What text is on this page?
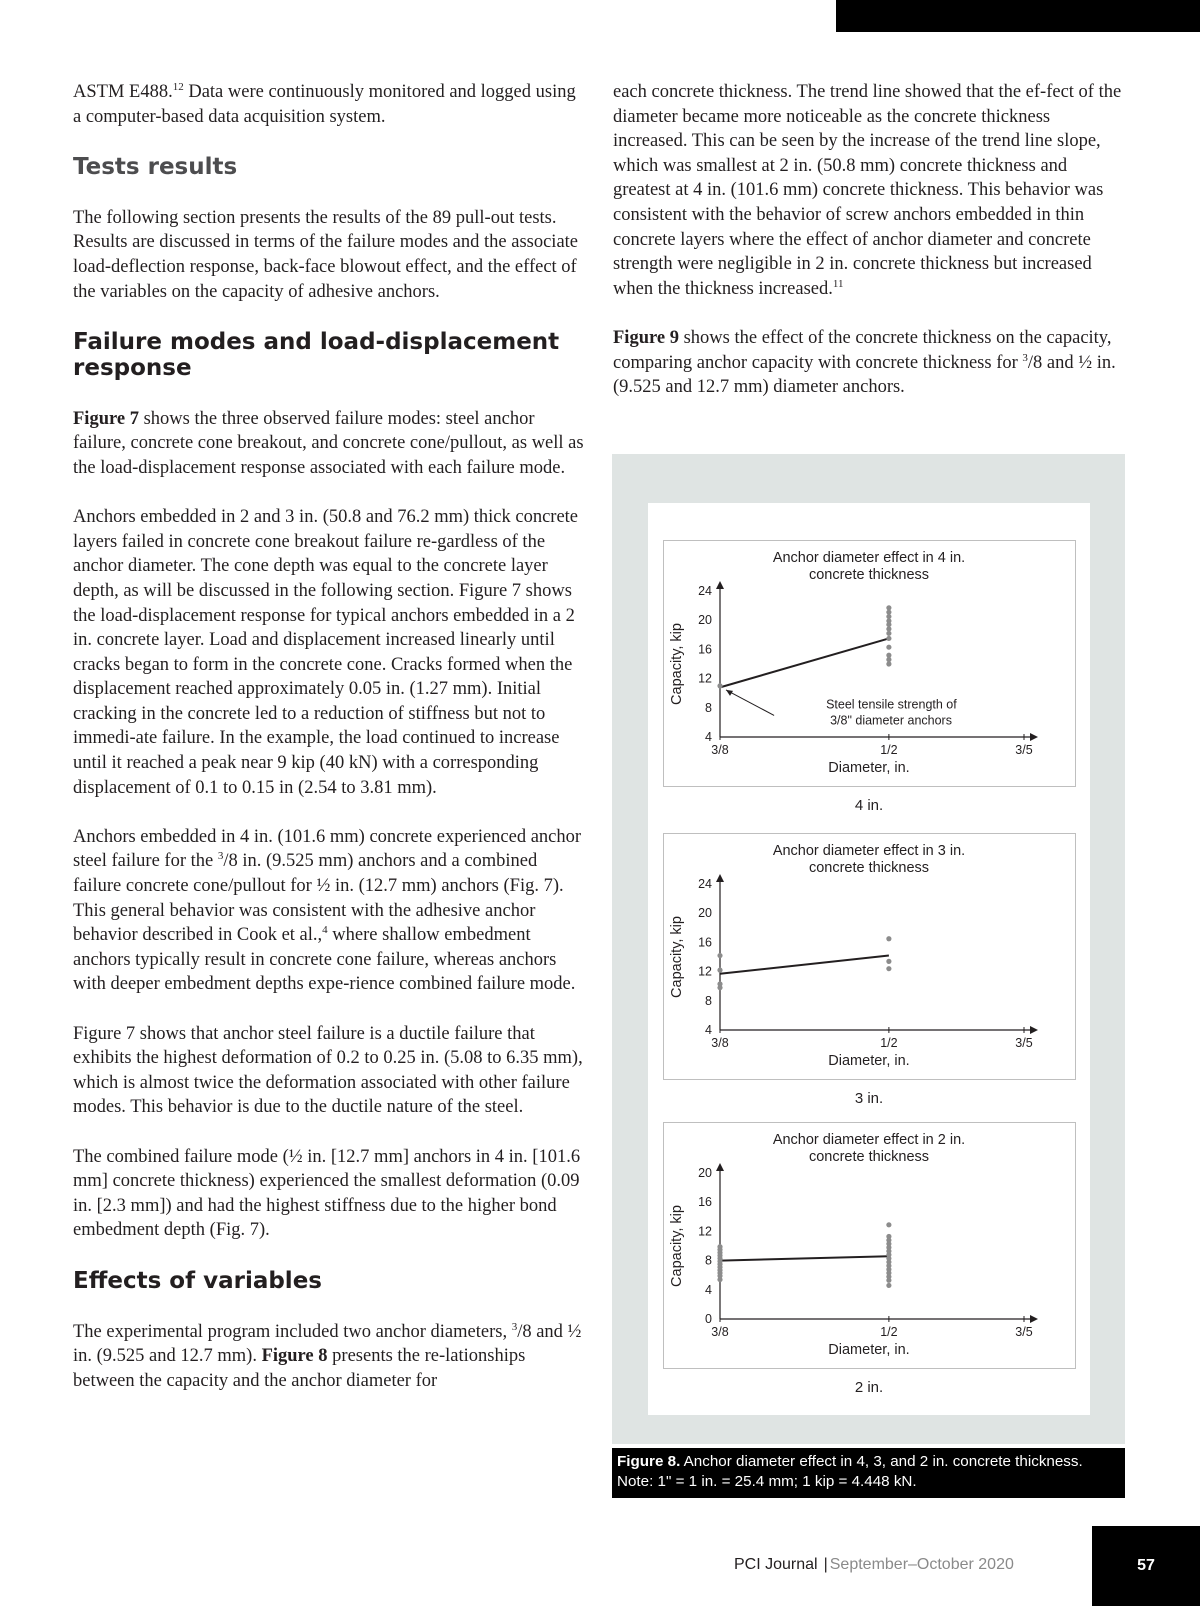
ASTM E488.12 Data were continuously monitored and logged using a computer-based data acquisition system.

Tests results

The following section presents the results of the 89 pull-out tests. Results are discussed in terms of the failure modes and the associate load-deflection response, back-face blowout effect, and the effect of the variables on the capacity of adhesive anchors.

Failure modes and load-displacement response

Figure 7 shows the three observed failure modes: steel anchor failure, concrete cone breakout, and concrete cone/pullout, as well as the load-displacement response associated with each failure mode.

Anchors embedded in 2 and 3 in. (50.8 and 76.2 mm) thick concrete layers failed in concrete cone breakout failure re-gardless of the anchor diameter. The cone depth was equal to the concrete layer depth, as will be discussed in the following section. Figure 7 shows the load-displacement response for typical anchors embedded in a 2 in. concrete layer. Load and displacement increased linearly until cracks began to form in the concrete cone. Cracks formed when the displacement reached approximately 0.05 in. (1.27 mm). Initial cracking in the concrete led to a reduction of stiffness but not to immedi-ate failure. In the example, the load continued to increase until it reached a peak near 9 kip (40 kN) with a corresponding displacement of 0.1 to 0.15 in (2.54 to 3.81 mm).

Anchors embedded in 4 in. (101.6 mm) concrete experienced anchor steel failure for the $^3$/8 in. (9.525 mm) anchors and a combined failure concrete cone/pullout for ½ in. (12.7 mm) anchors (Fig. 7). This general behavior was consistent with the adhesive anchor behavior described in Cook et al.,$^4$ where shallow embedment anchors typically result in concrete cone failure, whereas anchors with deeper embedment depths expe-rience combined failure mode.

Figure 7 shows that anchor steel failure is a ductile failure that exhibits the highest deformation of 0.2 to 0.25 in. (5.08 to 6.35 mm), which is almost twice the deformation associated with other failure modes. This behavior is due to the ductile nature of the steel.

The combined failure mode (½ in. [12.7 mm] anchors in 4 in. [101.6 mm] concrete thickness) experienced the smallest deformation (0.09 in. [2.3 mm]) and had the highest stiffness due to the higher bond embedment depth (Fig. 7).

Effects of variables

The experimental program included two anchor diameters, $^3$/8 and ½ in. (9.525 and 12.7 mm). Figure 8 presents the re-lationships between the capacity and the anchor diameter for

each concrete thickness. The trend line showed that the ef-fect of the diameter became more noticeable as the concrete thickness increased. This can be seen by the increase of the trend line slope, which was smallest at 2 in. (50.8 mm) concrete thickness and greatest at 4 in. (101.6 mm) concrete thickness. This behavior was consistent with the behavior of screw anchors embedded in thin concrete layers where the effect of anchor diameter and concrete strength were negligible in 2 in. concrete thickness but increased when the thickness increased.$^{11}$

Figure 9 shows the effect of the concrete thickness on the capacity, comparing anchor capacity with concrete thickness for $^3$/8 and ½ in. (9.525 and 12.7 mm) diameter anchors.

Anchor diameter effect in 4 in.
concrete thickness
4
8
12
16
20
24
3/8	1/2	3/5
Diameter, in.
Capacity, kip	Steel tensile strength of
3/8" diameter anchors
4 in.
Anchor diameter effect in 3 in.
concrete thickness
4
8
12
16
20
24
3/8	1/2	3/5
Diameter, in.
Capacity, kip
3 in.
Anchor diameter effect in 2 in.
concrete thickness
0
4
8
12
16
20
3/8	1/2	3/5
Diameter, in.
Capacity, kip
2 in.
Figure 8. Anchor diameter effect in 4, 3, and 2 in. concrete thickness. Note: 1" = 1 in. = 25.4 mm; 1 kip = 4.448 kN.
PCI Journal | September–October 2020	57
